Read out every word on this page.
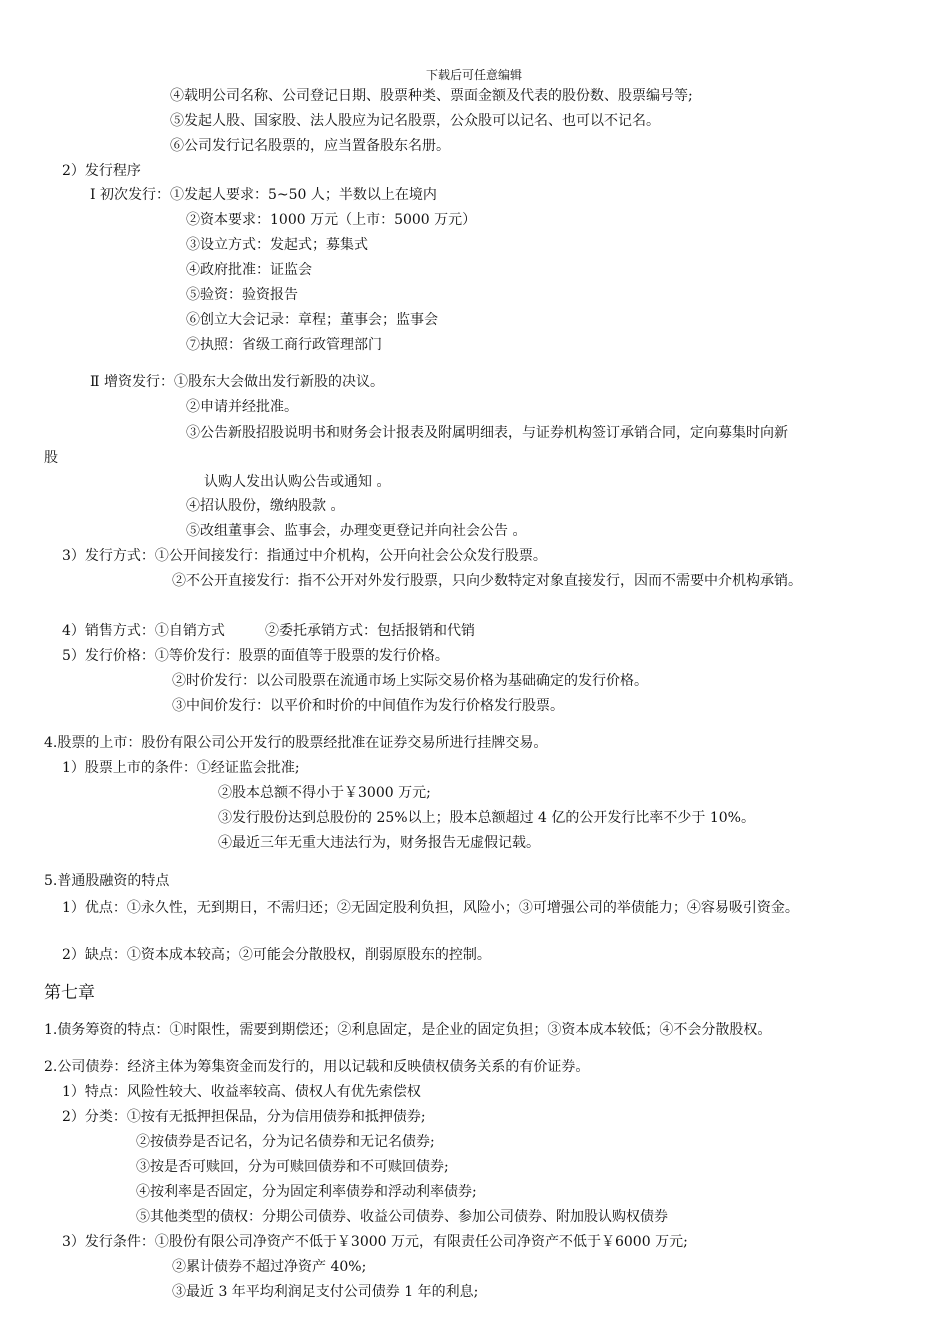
下载后可任意编辑
④载明公司名称、公司登记日期、股票种类、票面金额及代表的股份数、股票编号等;
⑤发起人股、国家股、法人股应为记名股票，公众股可以记名、也可以不记名。
⑥公司发行记名股票的，应当置备股东名册。
2）发行程序
Ⅰ 初次发行：①发起人要求：5~50 人；半数以上在境内
②资本要求：1000 万元（上市：5000 万元）
③设立方式：发起式；募集式
④政府批准：证监会
⑤验资：验资报告
⑥创立大会记录：章程；董事会；监事会
⑦执照：省级工商行政管理部门
Ⅱ 增资发行：①股东大会做出发行新股的决议。
②申请并经批准。
③公告新股招股说明书和财务会计报表及附属明细表，与证券机构签订承销合同，定向募集时向新
股
认购人发出认购公告或通知 。
④招认股份，缴纳股款 。
⑤改组董事会、监事会，办理变更登记并向社会公告 。
3）发行方式：①公开间接发行：指通过中介机构，公开向社会公众发行股票。
②不公开直接发行：指不公开对外发行股票，只向少数特定对象直接发行，因而不需要中介机构承销。
4）销售方式：①自销方式         ②委托承销方式：包括报销和代销
5）发行价格：①等价发行：股票的面值等于股票的发行价格。
②时价发行：以公司股票在流通市场上实际交易价格为基础确定的发行价格。
③中间价发行：以平价和时价的中间值作为发行价格发行股票。
4.股票的上市：股份有限公司公开发行的股票经批准在证券交易所进行挂牌交易。
1）股票上市的条件：①经证监会批准;
②股本总额不得小于￥3000 万元;
③发行股份达到总股份的 25%以上；股本总额超过 4 亿的公开发行比率不少于 10%。
④最近三年无重大违法行为，财务报告无虚假记载。
5.普通股融资的特点
1）优点：①永久性，无到期日，不需归还；②无固定股利负担，风险小；③可增强公司的举债能力；④容易吸引资金。
2）缺点：①资本成本较高；②可能会分散股权，削弱原股东的控制。
第七章
1.债务筹资的特点：①时限性，需要到期偿还；②利息固定，是企业的固定负担；③资本成本较低；④不会分散股权。
2.公司债券：经济主体为筹集资金而发行的，用以记载和反映债权债务关系的有价证券。
1）特点：风险性较大、收益率较高、债权人有优先索偿权
2）分类：①按有无抵押担保品，分为信用债券和抵押债券;
②按债券是否记名，分为记名债券和无记名债券;
③按是否可赎回，分为可赎回债券和不可赎回债券;
④按利率是否固定，分为固定利率债券和浮动利率债券;
⑤其他类型的债权：分期公司债券、收益公司债券、参加公司债券、附加股认购权债券
3）发行条件：①股份有限公司净资产不低于￥3000 万元，有限责任公司净资产不低于￥6000 万元;
②累计债券不超过净资产 40%;
③最近 3 年平均利润足支付公司债券 1 年的利息;
